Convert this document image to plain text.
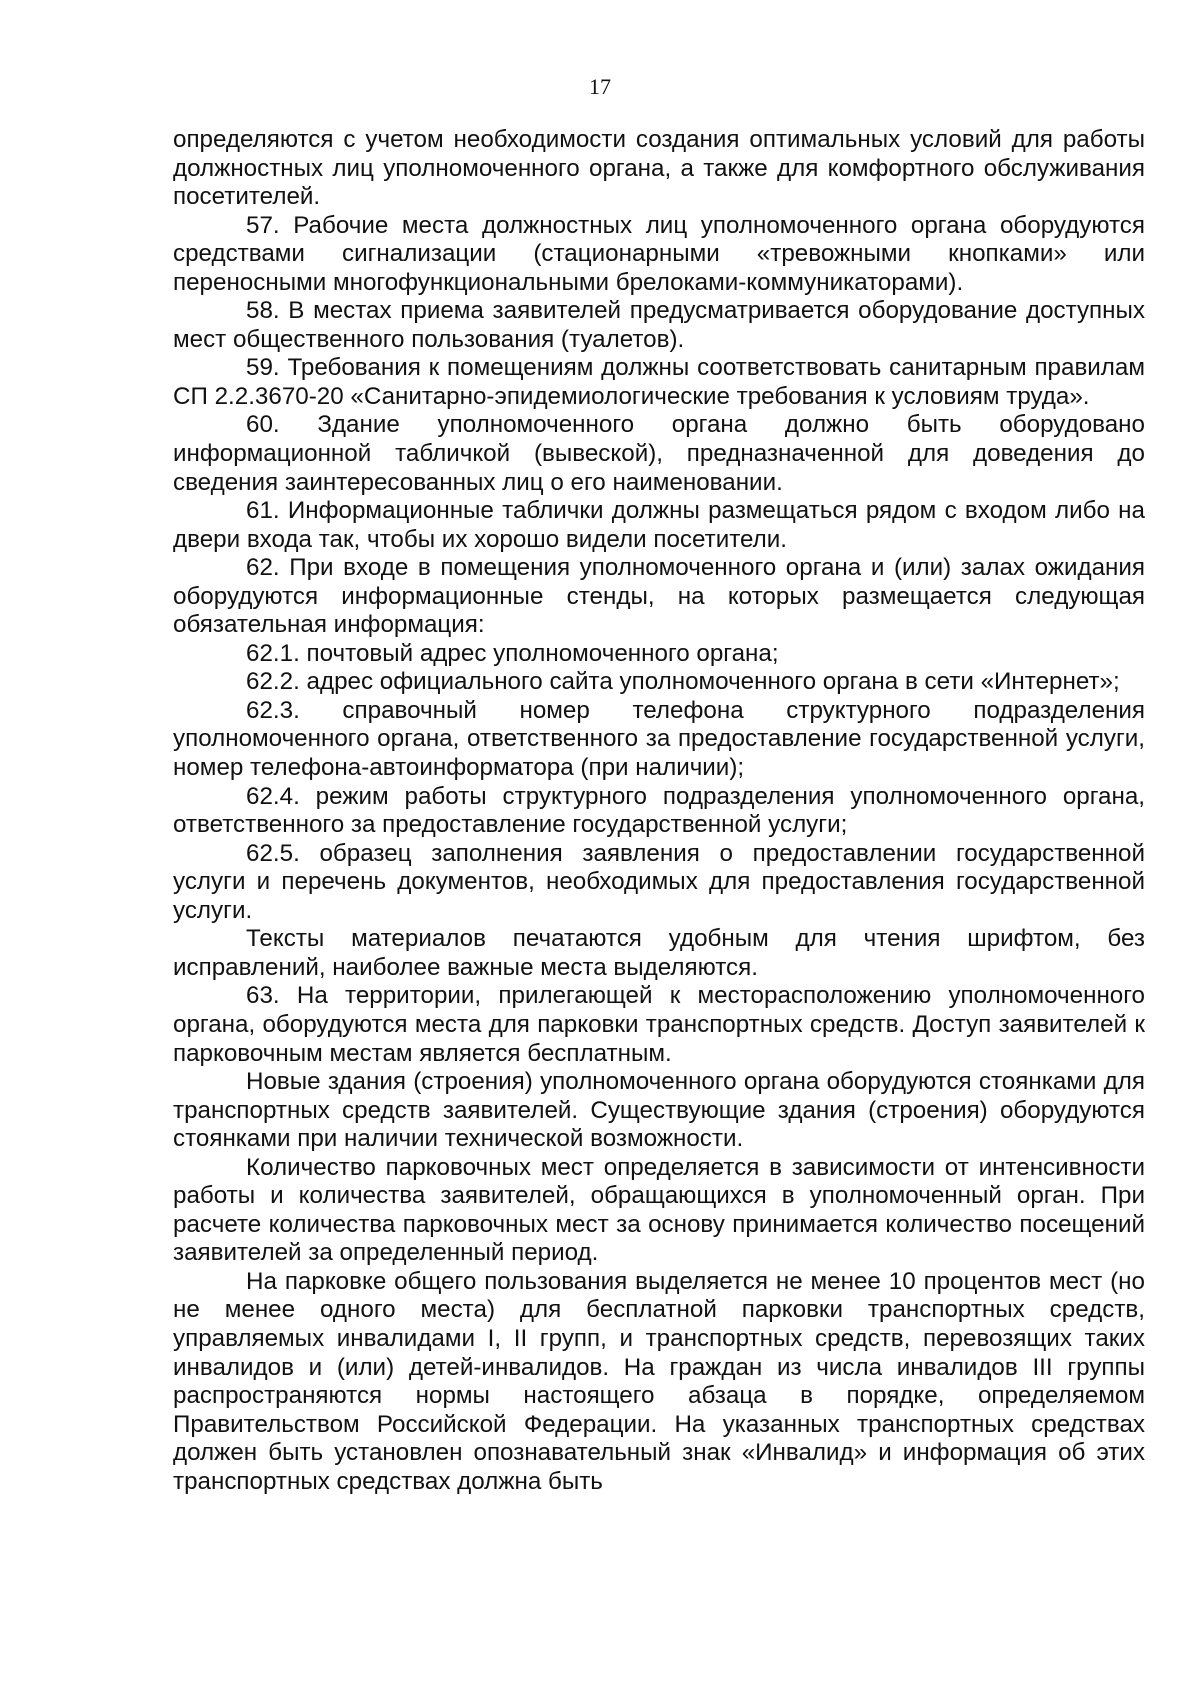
17

определяются с учетом необходимости создания оптимальных условий для работы должностных лиц уполномоченного органа, а также для комфортного обслуживания посетителей.

57. Рабочие места должностных лиц уполномоченного органа оборудуются средствами сигнализации (стационарными «тревожными кнопками» или переносными многофункциональными брелоками-коммуникаторами).

58. В местах приема заявителей предусматривается оборудование доступных мест общественного пользования (туалетов).

59. Требования к помещениям должны соответствовать санитарным правилам СП 2.2.3670-20 «Санитарно-эпидемиологические требования к условиям труда».

60. Здание уполномоченного органа должно быть оборудовано информационной табличкой (вывеской), предназначенной для доведения до сведения заинтересованных лиц о его наименовании.

61. Информационные таблички должны размещаться рядом с входом либо на двери входа так, чтобы их хорошо видели посетители.

62. При входе в помещения уполномоченного органа и (или) залах ожидания оборудуются информационные стенды, на которых размещается следующая обязательная информация:

62.1. почтовый адрес уполномоченного органа;

62.2. адрес официального сайта уполномоченного органа в сети «Интернет»;

62.3. справочный номер телефона структурного подразделения уполномоченного органа, ответственного за предоставление государственной услуги, номер телефона-автоинформатора (при наличии);

62.4. режим работы структурного подразделения уполномоченного органа, ответственного за предоставление государственной услуги;

62.5. образец заполнения заявления о предоставлении государственной услуги и перечень документов, необходимых для предоставления государственной услуги.

Тексты материалов печатаются удобным для чтения шрифтом, без исправлений, наиболее важные места выделяются.

63. На территории, прилегающей к месторасположению уполномоченного органа, оборудуются места для парковки транспортных средств. Доступ заявителей к парковочным местам является бесплатным.

Новые здания (строения) уполномоченного органа оборудуются стоянками для транспортных средств заявителей. Существующие здания (строения) оборудуются стоянками при наличии технической возможности.

Количество парковочных мест определяется в зависимости от интенсивности работы и количества заявителей, обращающихся в уполномоченный орган. При расчете количества парковочных мест за основу принимается количество посещений заявителей за определенный период.

На парковке общего пользования выделяется не менее 10 процентов мест (но не менее одного места) для бесплатной парковки транспортных средств, управляемых инвалидами I, II групп, и транспортных средств, перевозящих таких инвалидов и (или) детей-инвалидов. На граждан из числа инвалидов III группы распространяются нормы настоящего абзаца в порядке, определяемом Правительством Российской Федерации. На указанных транспортных средствах должен быть установлен опознавательный знак «Инвалид» и информация об этих транспортных средствах должна быть
